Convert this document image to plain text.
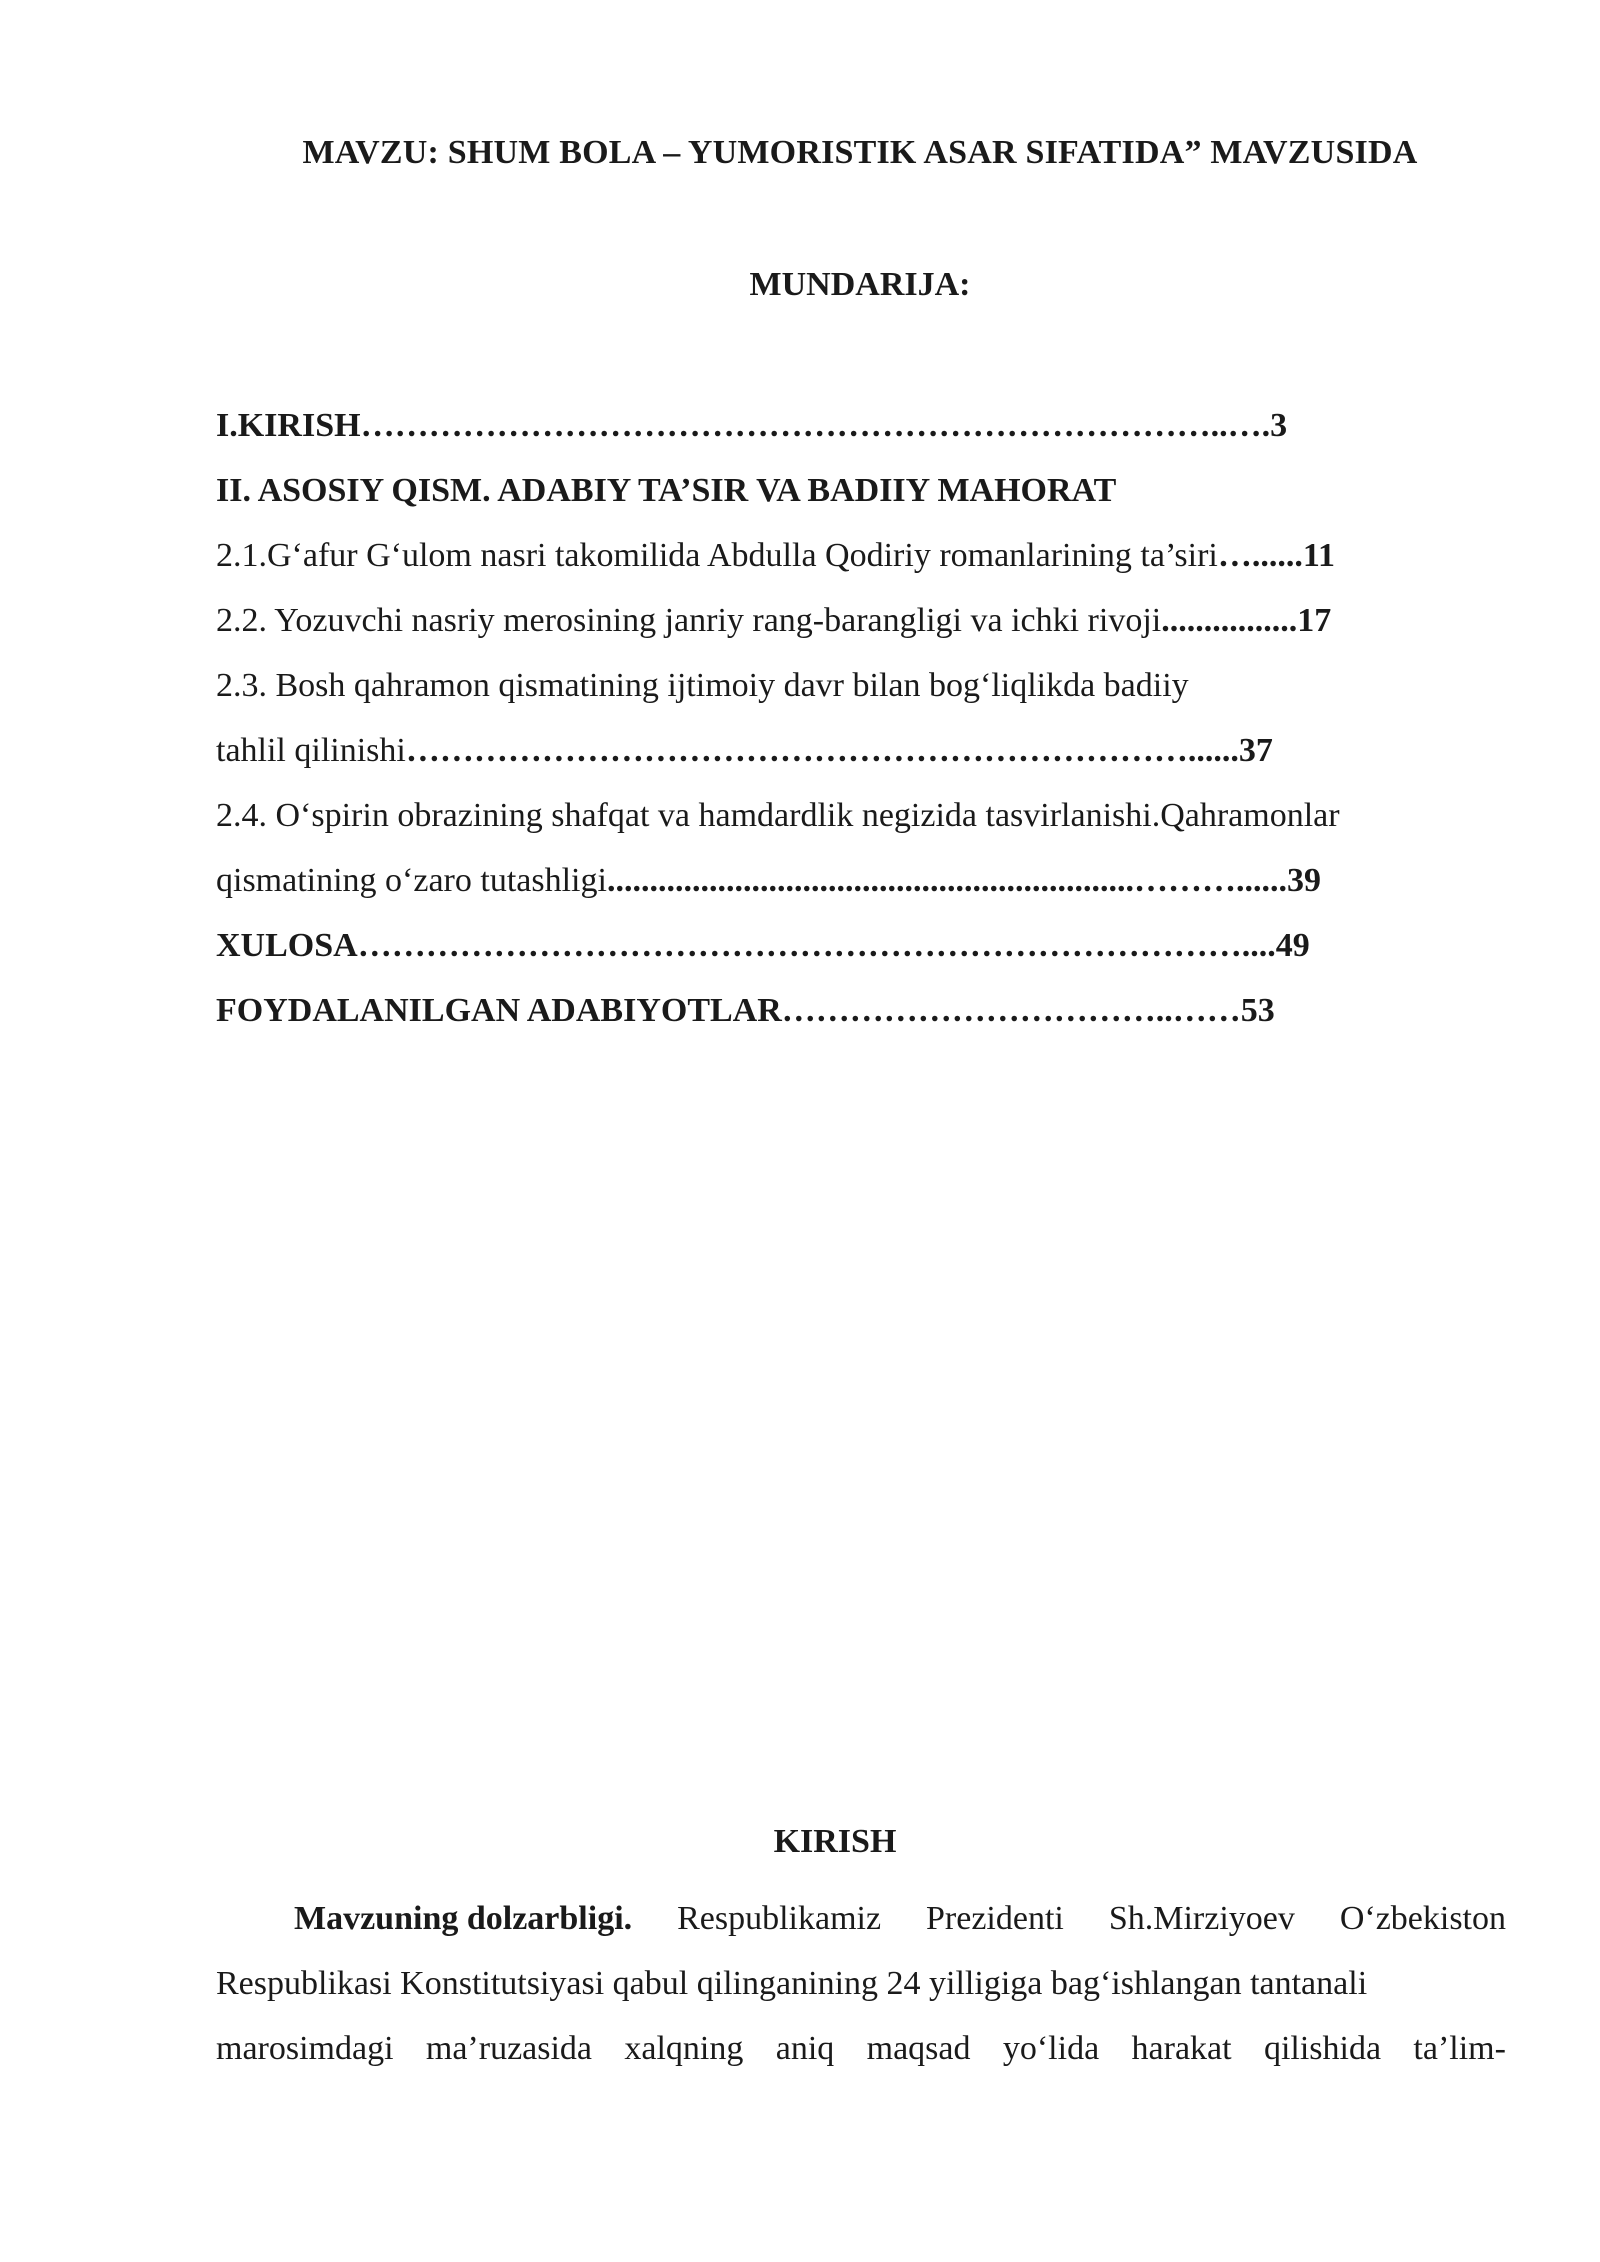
MAVZU: SHUM BOLA – YUMORISTIK ASAR SIFATIDA” MAVZUSIDA
MUNDARIJA:
I.KIRISH…………………………………………………………………..….3
II. ASOSIY QISM. ADABIY TA’SIR VA BADIIY MAHORAT
2.1.G‘afur G‘ulom nasri takomilida Abdulla Qodiriy romanlarining ta’siri…......11
2.2. Yozuvchi nasriy merosining janriy rang-barangligi va ichki rivoji................17
2.3. Bosh qahramon qismatining ijtimoiy davr bilan bog‘liqlikda badiiy
tahlil qilinishi……………………………………………………………......37
2.4. O‘spirin obrazining shafqat va hamdardlik negizida tasvirlanishi.Qahramonlar
qismatining o‘zaro tutashligi..............................................................………......39
XULOSA……………………………………………………………………....49
FOYDALANILGAN ADABIYOTLAR……………………………..……53
KIRISH
Mavzuning dolzarbligi. Respublikamiz Prezidenti Sh.Mirziyoev O‘zbekiston
Respublikasi Konstitutsiyasi qabul qilinganining 24 yilligiga bag‘ishlangan tantanali
marosimdagi ma’ruzasida xalqning aniq maqsad yo‘lida harakat qilishida ta’lim-
